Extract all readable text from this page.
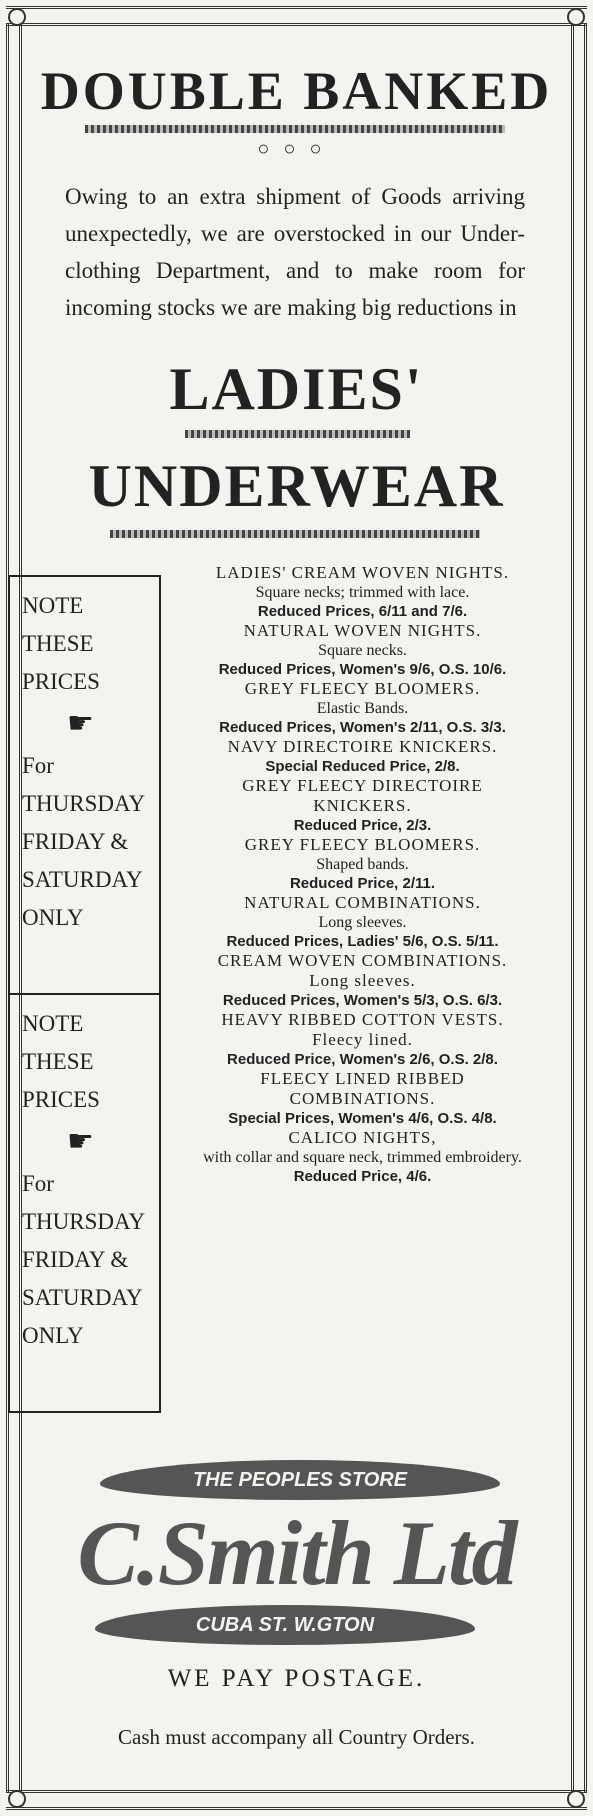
DOUBLE BANKED
○○○

Owing to an extra shipment of Goods arriving unexpectedly, we are overstocked in our Under-clothing Department, and to make room for incoming stocks we are making big reductions in

LADIES'
UNDERWEAR
NOTE
THESE
PRICES
☛
For
THURSDAY
FRIDAY &
SATURDAY
ONLY
NOTE
THESE
PRICES
☛
For
THURSDAY
FRIDAY &
SATURDAY
ONLY
LADIES' CREAM WOVEN NIGHTS.
Square necks; trimmed with lace.
Reduced Prices, 6/11 and 7/6.
NATURAL WOVEN NIGHTS.
Square necks.
Reduced Prices, Women's 9/6, O.S. 10/6.
GREY FLEECY BLOOMERS.
Elastic Bands.
Reduced Prices, Women's 2/11, O.S. 3/3.
NAVY DIRECTOIRE KNICKERS.
Special Reduced Price, 2/8.
GREY FLEECY DIRECTOIRE KNICKERS.
Reduced Price, 2/3.
GREY FLEECY BLOOMERS.
Shaped bands.
Reduced Price, 2/11.
NATURAL COMBINATIONS.
Long sleeves.
Reduced Prices, Ladies' 5/6, O.S. 5/11.
CREAM WOVEN COMBINATIONS. Long sleeves.
Reduced Prices, Women's 5/3, O.S. 6/3.
HEAVY RIBBED COTTON VESTS. Fleecy lined.
Reduced Price, Women's 2/6, O.S. 2/8.
FLEECY LINED RIBBED COMBINATIONS.
Special Prices, Women's 4/6, O.S. 4/8.
CALICO NIGHTS,
with collar and square neck, trimmed embroidery.
Reduced Price, 4/6.
THE PEOPLES STORE
C.Smith Ltd
CUBA ST. W.GTON

WE PAY POSTAGE.

Cash must accompany all Country Orders.
